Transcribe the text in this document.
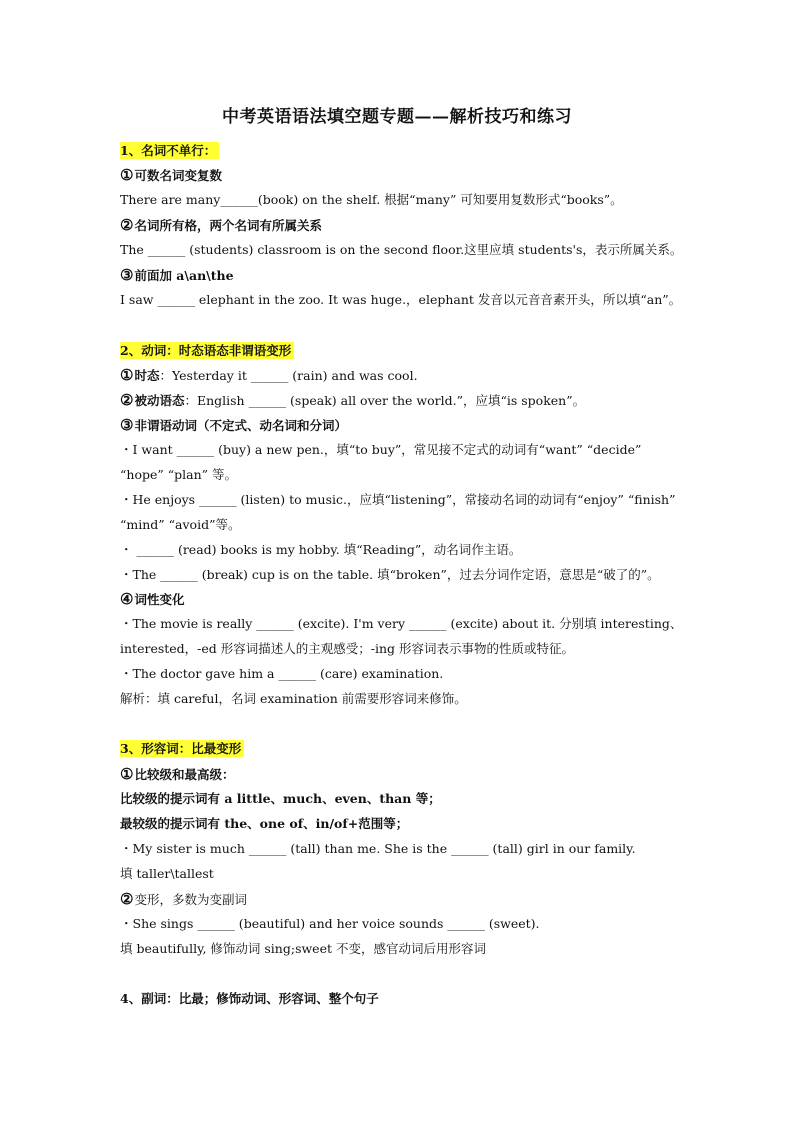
中考英语语法填空题专题——解析技巧和练习
1、名词不单行：
①可数名词变复数
There are many______(book) on the shelf. 根据“many” 可知要用复数形式“books”。
②名词所有格，两个名词有所属关系
The ______ (students) classroom is on the second floor.这里应填 students's，表示所属关系。
③前面加 a\an\the
I saw ______ elephant in the zoo. It was huge.，elephant 发音以元音音素开头，所以填“an”。
2、动词：时态语态非谓语变形
①时态：Yesterday it ______ (rain) and was cool.
②被动语态：English ______ (speak) all over the world.”，应填“is spoken”。
③非谓语动词（不定式、动名词和分词）
・I want ______ (buy) a new pen.，填“to buy”，常见接不定式的动词有“want” “decide”
“hope” “plan” 等。
・He enjoys ______ (listen) to music.，应填“listening”，常接动名词的动词有“enjoy” “finish”
“mind” “avoid”等。
・ ______ (read) books is my hobby. 填“Reading”，动名词作主语。
・The ______ (break) cup is on the table. 填“broken”，过去分词作定语，意思是“破了的”。
④词性变化
・The movie is really ______ (excite). I'm very ______ (excite) about it. 分别填 interesting、
interested，-ed 形容词描述人的主观感受；-ing 形容词表示事物的性质或特征。
・The doctor gave him a ______ (care) examination.
解析：填 careful，名词 examination 前需要形容词来修饰。
3、形容词：比最变形
①比较级和最高级：
比较级的提示词有 a little、much、even、than 等；
最较级的提示词有 the、one of、in/of+范围等；
・My sister is much ______ (tall) than me. She is the ______ (tall) girl in our family.
填 taller\tallest
②变形，多数为变副词
・She sings ______ (beautiful) and her voice sounds ______ (sweet).
填 beautifully, 修饰动词 sing;sweet 不变，感官动词后用形容词
4、副词：比最；修饰动词、形容词、整个句子
